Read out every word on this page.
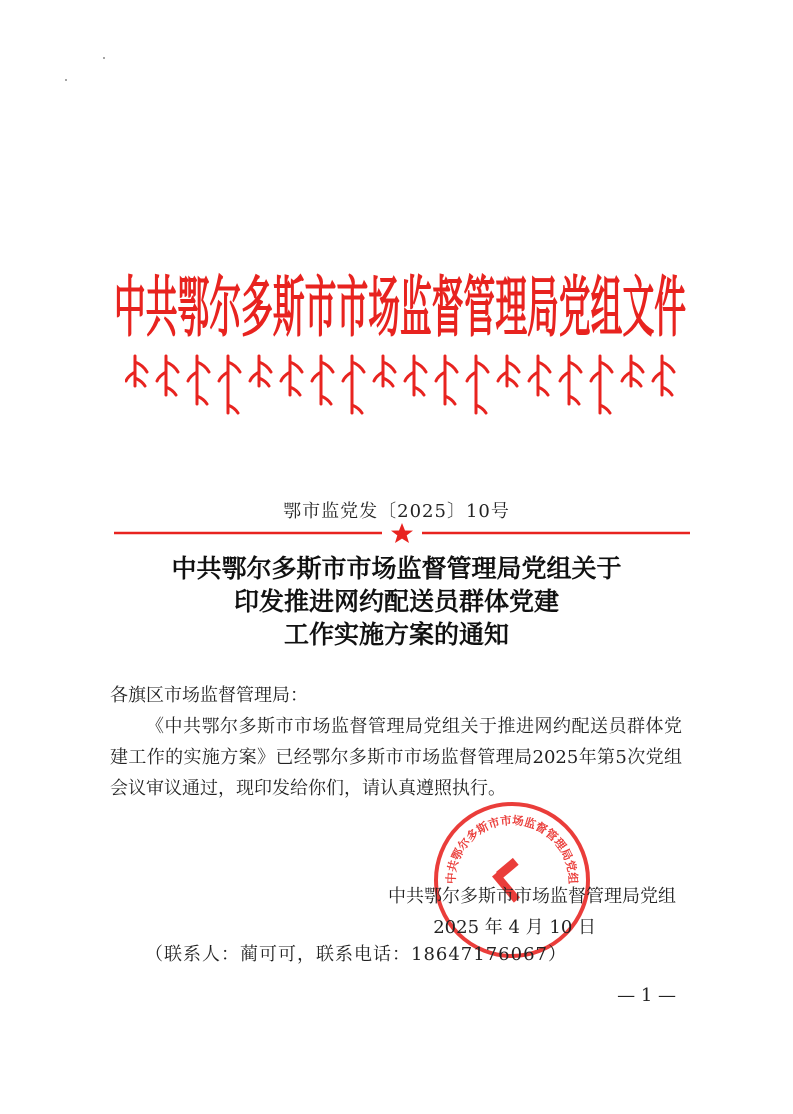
中共鄂尔多斯市市场监督管理局党组文件
鄂市监党发〔2025〕10号
中共鄂尔多斯市市场监督管理局党组关于
印发推进网约配送员群体党建
工作实施方案的通知
各旗区市场监督管理局：
《中共鄂尔多斯市市场监督管理局党组关于推进网约配送员群体党建工作的实施方案》已经鄂尔多斯市市场监督管理局2025年第5次党组会议审议通过，现印发给你们，请认真遵照执行。
中共鄂尔多斯市市场监督管理局党组
中共鄂尔多斯市市场监督管理局党组
2025 年 4 月 10 日
（联系人：蔺可可，联系电话：18647176067）
— 1 —
